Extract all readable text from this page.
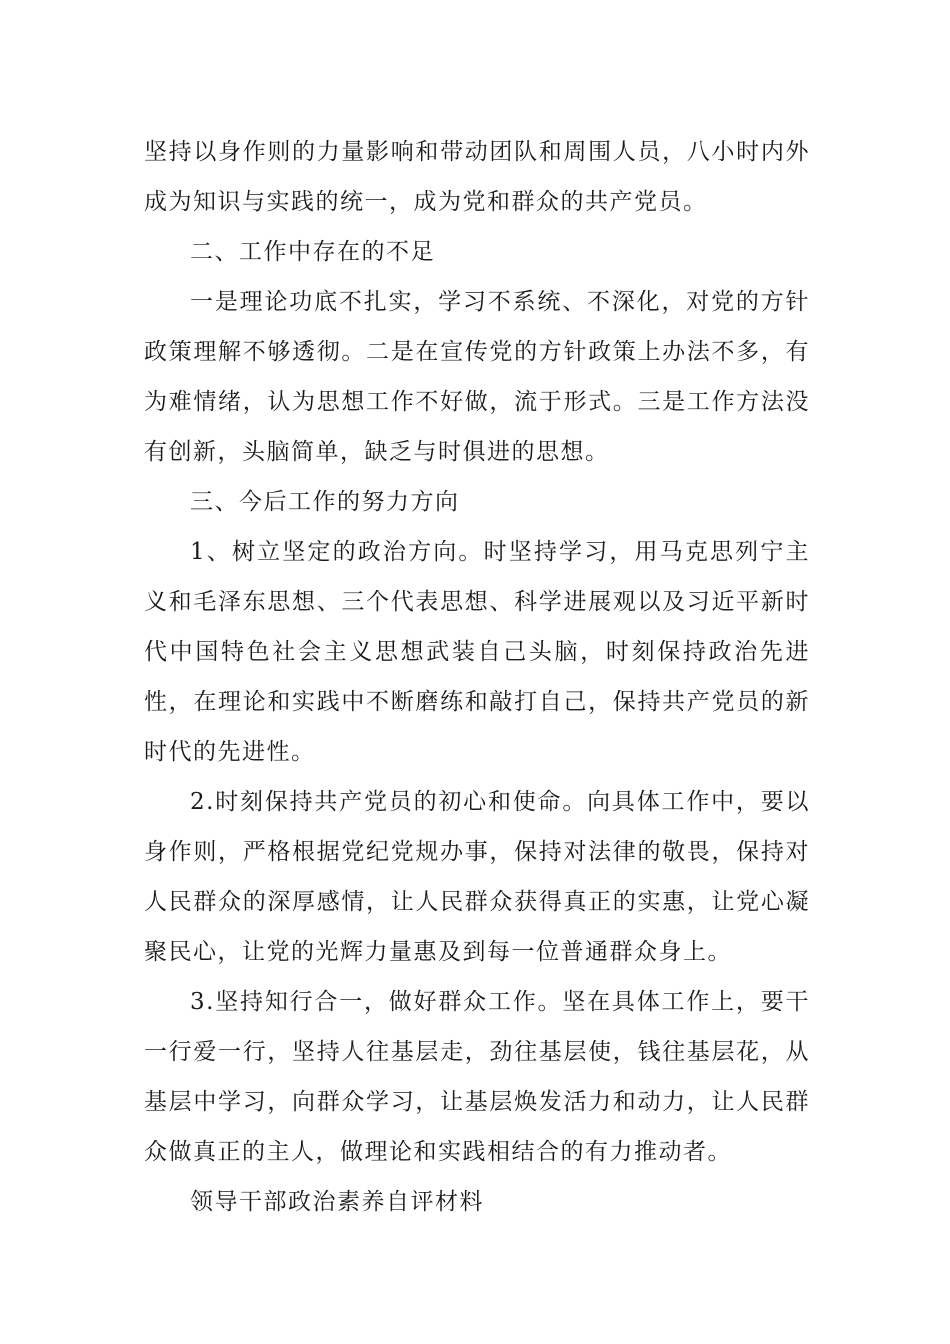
坚持以身作则的力量影响和带动团队和周围人员，八小时内外成为知识与实践的统一，成为党和群众的共产党员。

二、工作中存在的不足

一是理论功底不扎实，学习不系统、不深化，对党的方针政策理解不够透彻。二是在宣传党的方针政策上办法不多，有为难情绪，认为思想工作不好做，流于形式。三是工作方法没有创新，头脑简单，缺乏与时俱进的思想。

三、今后工作的努力方向

1、树立坚定的政治方向。时坚持学习，用马克思列宁主义和毛泽东思想、三个代表思想、科学进展观以及习近平新时代中国特色社会主义思想武装自己头脑，时刻保持政治先进性，在理论和实践中不断磨练和敲打自己，保持共产党员的新时代的先进性。

2.时刻保持共产党员的初心和使命。向具体工作中，要以身作则，严格根据党纪党规办事，保持对法律的敬畏，保持对人民群众的深厚感情，让人民群众获得真正的实惠，让党心凝聚民心，让党的光辉力量惠及到每一位普通群众身上。

3.坚持知行合一，做好群众工作。坚在具体工作上，要干一行爱一行，坚持人往基层走，劲往基层使，钱往基层花，从基层中学习，向群众学习，让基层焕发活力和动力，让人民群众做真正的主人，做理论和实践相结合的有力推动者。

领导干部政治素养自评材料
